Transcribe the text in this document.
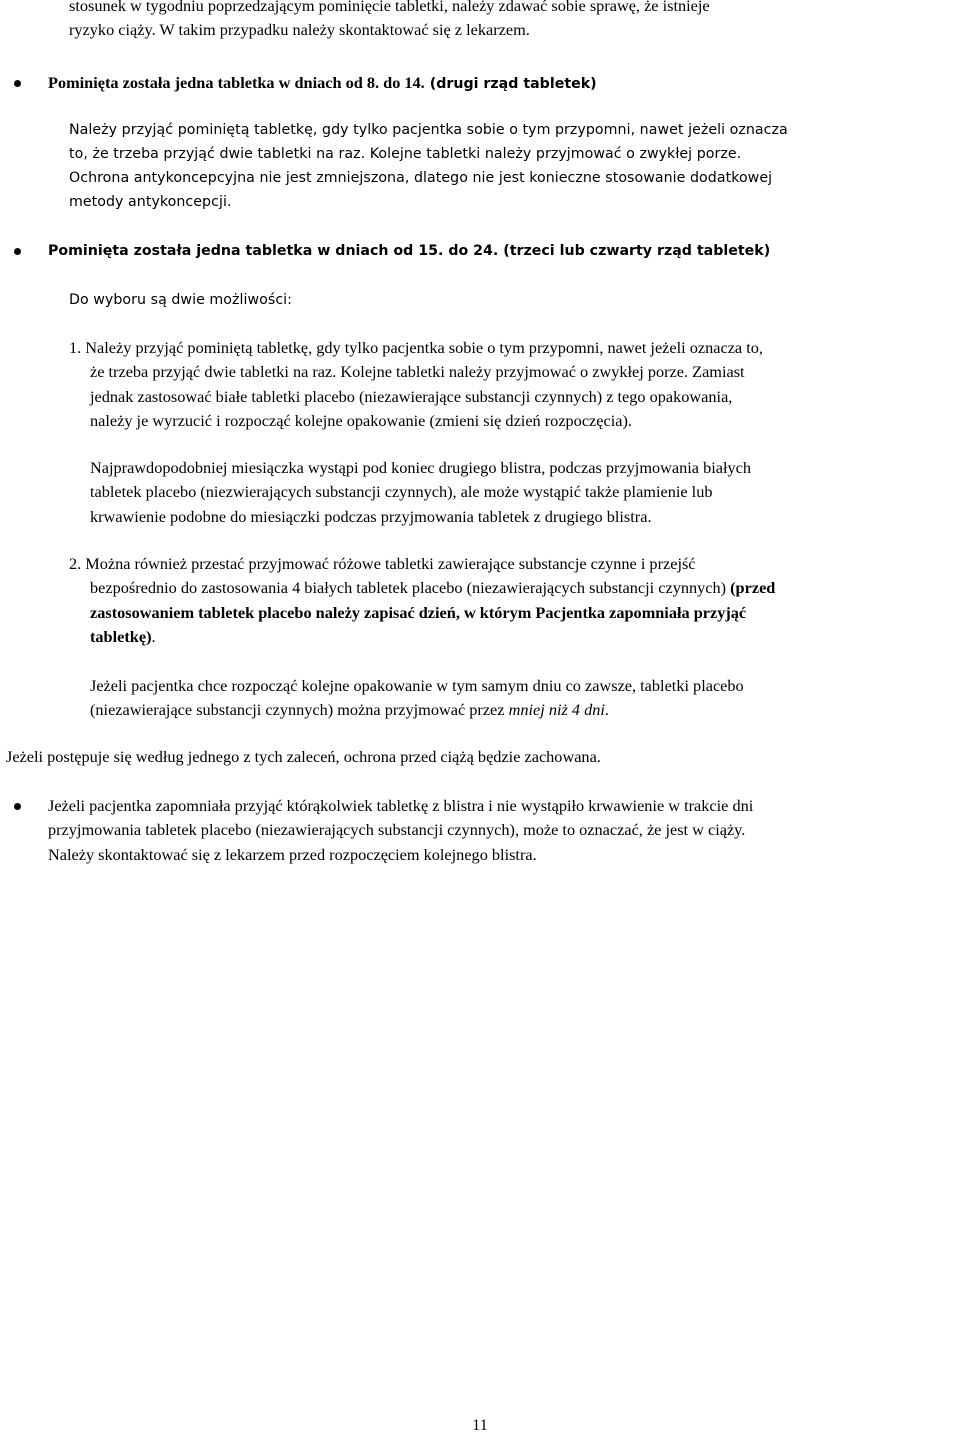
stosunek w tygodniu poprzedzającym pominięcie tabletki, należy zdawać sobie sprawę, że istnieje

ryzyko ciąży. W takim przypadku należy skontaktować się z lekarzem.

Pominięta została jedna tabletka w dniach od 8. do 14. (drugi rząd tabletek)

Należy przyjąć pominiętą tabletkę, gdy tylko pacjentka sobie o tym przypomni, nawet jeżeli oznacza

to, że trzeba przyjąć dwie tabletki na raz. Kolejne tabletki należy przyjmować o zwykłej porze.

Ochrona antykoncepcyjna nie jest zmniejszona, dlatego nie jest konieczne stosowanie dodatkowej

metody antykoncepcji.

Pominięta została jedna tabletka w dniach od 15. do 24. (trzeci lub czwarty rząd tabletek)
Do wyboru są dwie możliwości:

1. Należy przyjąć pominiętą tabletkę, gdy tylko pacjentka sobie o tym przypomni, nawet jeżeli oznacza to,

że trzeba przyjąć dwie tabletki na raz. Kolejne tabletki należy przyjmować o zwykłej porze. Zamiast

jednak zastosować białe tabletki placebo (niezawierające substancji czynnych) z tego opakowania,

należy je wyrzucić i rozpocząć kolejne opakowanie (zmieni się dzień rozpoczęcia).

Najprawdopodobniej miesiączka wystąpi pod koniec drugiego blistra, podczas przyjmowania białych

tabletek placebo (niezwierających substancji czynnych), ale może wystąpić także plamienie lub

krwawienie podobne do miesiączki podczas przyjmowania tabletek z drugiego blistra.

2. Można również przestać przyjmować różowe tabletki zawierające substancje czynne i przejść

bezpośrednio do zastosowania 4 białych tabletek placebo (niezawierających substancji czynnych) (przed

zastosowaniem tabletek placebo należy zapisać dzień, w którym Pacjentka zapomniała przyjąć

tabletkę).

Jeżeli pacjentka chce rozpocząć kolejne opakowanie w tym samym dniu co zawsze, tabletki placebo

(niezawierające substancji czynnych) można przyjmować przez mniej niż 4 dni.

Jeżeli postępuje się według jednego z tych zaleceń, ochrona przed ciążą będzie zachowana.

Jeżeli pacjentka zapomniała przyjąć którąkolwiek tabletkę z blistra i nie wystąpiło krwawienie w trakcie dni

przyjmowania tabletek placebo (niezawierających substancji czynnych), może to oznaczać, że jest w ciąży.

Należy skontaktować się z lekarzem przed rozpoczęciem kolejnego blistra.

11
